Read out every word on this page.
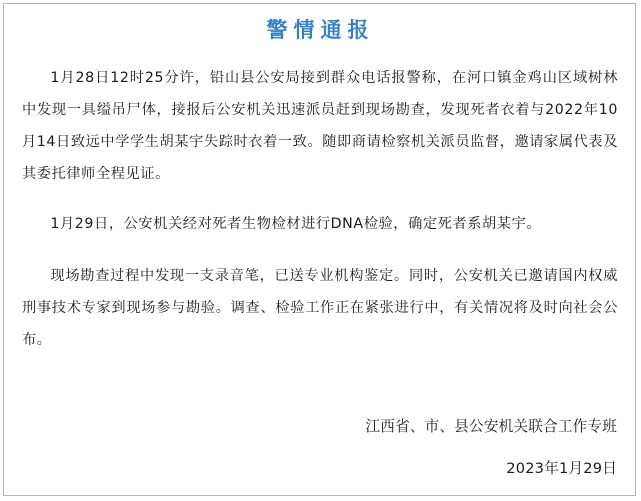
警情通报

1月28日12时25分许，铅山县公安局接到群众电话报警称，在河口镇金鸡山区域树林中发现一具缢吊尸体，接报后公安机关迅速派员赶到现场勘查，发现死者衣着与2022年10月14日致远中学学生胡某宇失踪时衣着一致。随即商请检察机关派员监督，邀请家属代表及其委托律师全程见证。

1月29日，公安机关经对死者生物检材进行DNA检验，确定死者系胡某宇。

现场勘查过程中发现一支录音笔，已送专业机构鉴定。同时，公安机关已邀请国内权威刑事技术专家到现场参与勘验。调查、检验工作正在紧张进行中，有关情况将及时向社会公布。

江西省、市、县公安机关联合工作专班
2023年1月29日
